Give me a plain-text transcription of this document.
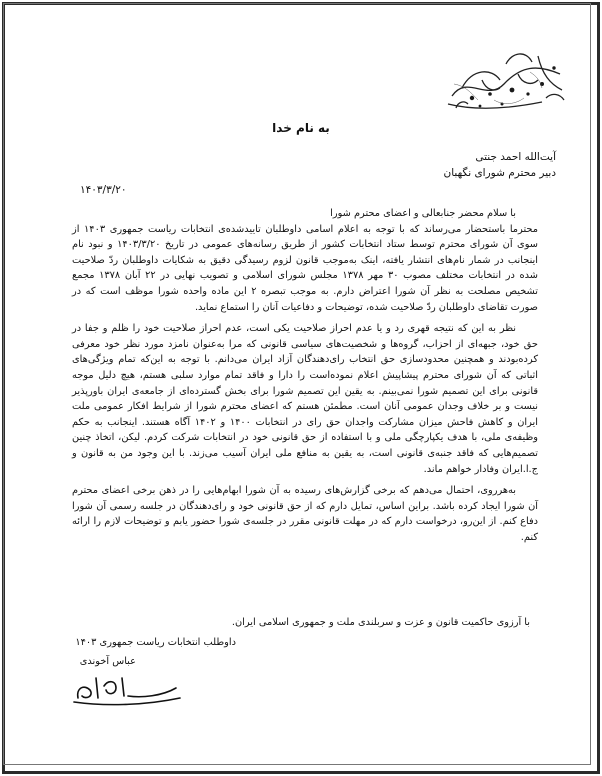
به نام خدا
آیت‌الله احمد جنتی
دبیر محترم شورای نگهبان
۱۴۰۳/۳/۲۰

با سلام محضر جنابعالی و اعضای محترم شورا

محترما باستحضار می‌رساند که با توجه به اعلام اسامی داوطلبان تاییدشده‌ی انتخابات ریاست جمهوری ۱۴۰۳ از سوی آن شورای محترم توسط ستاد انتخابات کشور از طریق رسانه‌های عمومی در تاریخ ۱۴۰۳/۳/۲۰ و نبود نام اینجانب در شمار نام‌های انتشار یافته، اینک به‌موجب قانون لزوم رسیدگی دقیق به شکایات داوطلبان ردّ صلاحیت شده در انتخابات مختلف مصوب ۳۰ مهر ۱۳۷۸ مجلس شورای اسلامی و تصویب نهایی در ۲۲ آبان ۱۳۷۸ مجمع تشخیص مصلحت به نظر آن شورا اعتراض دارم. به موجب تبصره ۲ این ماده واحده شورا موظف است که در صورت تقاضای داوطلبان ردّ صلاحیت شده، توضیحات و دفاعیات آنان را استماع نماید.

نظر به این که نتیجه قهری رد و یا عدم احراز صلاحیت یکی است، عدم احراز صلاحیت خود را ظلم و جفا در حق خود، جبهه‌ای از احزاب، گروه‌ها و شخصیت‌های سیاسی قانونی که مرا به‌عنوان نامزد مورد نظر خود معرفی کرده‌بودند و همچنین محدودسازی حق انتخاب رای‌دهندگان آزاد ایران می‌دانم. با توجه به این‌که تمام ویژگی‌های اثباتی که آن شورای محترم پیشاپیش اعلام نموده‌است را دارا و فاقد تمام موارد سلبی هستم، هیچ دلیل موجه قانونی برای این تصمیم شورا نمی‌بینم. به یقین این تصمیم شورا برای بخش گسترده‌ای از جامعه‌ی ایران باورپذیر نیست و بر خلاف وجدان عمومی آنان است. مطمئن هستم که اعضای محترم شورا از شرایط افکار عمومی ملت ایران و کاهش فاحش میزان مشارکت واجدان حق رای در انتخابات ۱۴۰۰ و ۱۴۰۲ آگاه هستند. اینجانب به حکم وظیفه‌ی ملی، با هدف یکپارچگی ملی و با استفاده از حق قانونی خود در انتخابات شرکت کردم. لیکن، اتخاذ چنین تصمیم‌هایی که فاقد جنبه‌ی قانونی است، به یقین به منافع ملی ایران آسیب می‌زند. با این وجود من به قانون و ج.ا.ایران وفادار خواهم ماند.

به‌هرروی، احتمال می‌دهم که برخی گزارش‌های رسیده به آن شورا ابهام‌هایی را در ذهن برخی اعضای محترم آن شورا ایجاد کرده باشد. براین اساس، تمایل دارم که از حق قانونی خود و رای‌دهندگان در جلسه رسمی آن شورا دفاع کنم. از این‌رو، درخواست دارم که در مهلت قانونی مقرر در جلسه‌ی شورا حضور یابم و توضیحات لازم را ارائه کنم.

با آرزوی حاکمیت قانون و عزت و سربلندی ملت و جمهوری اسلامی ایران.
داوطلب انتخابات ریاست جمهوری ۱۴۰۳
عباس آخوندی
